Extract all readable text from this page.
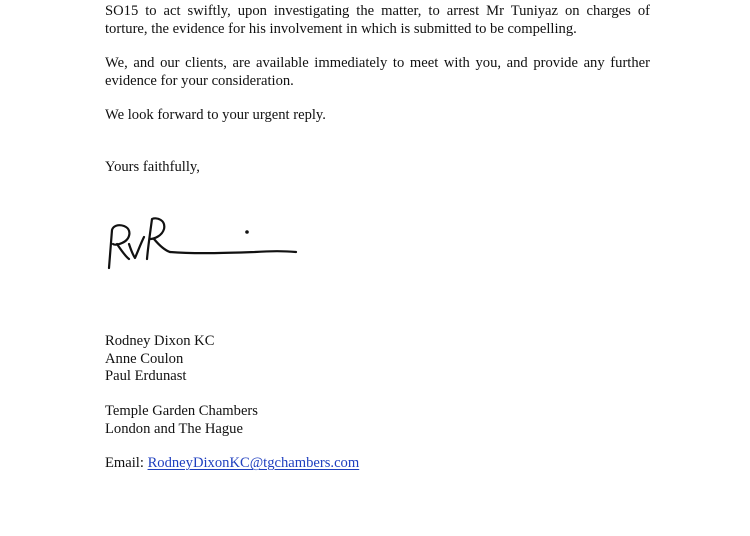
SO15 to act swiftly, upon investigating the matter, to arrest Mr Tuniyaz on charges of
torture, the evidence for his involvement in which is submitted to be compelling.
We, and our clients, are available immediately to meet with you, and provide any further
evidence for your consideration.
We look forward to your urgent reply.
Yours faithfully,
Rodney Dixon KC
Anne Coulon
Paul Erdunast
Temple Garden Chambers
London and The Hague
Email: RodneyDixonKC@tgchambers.com
